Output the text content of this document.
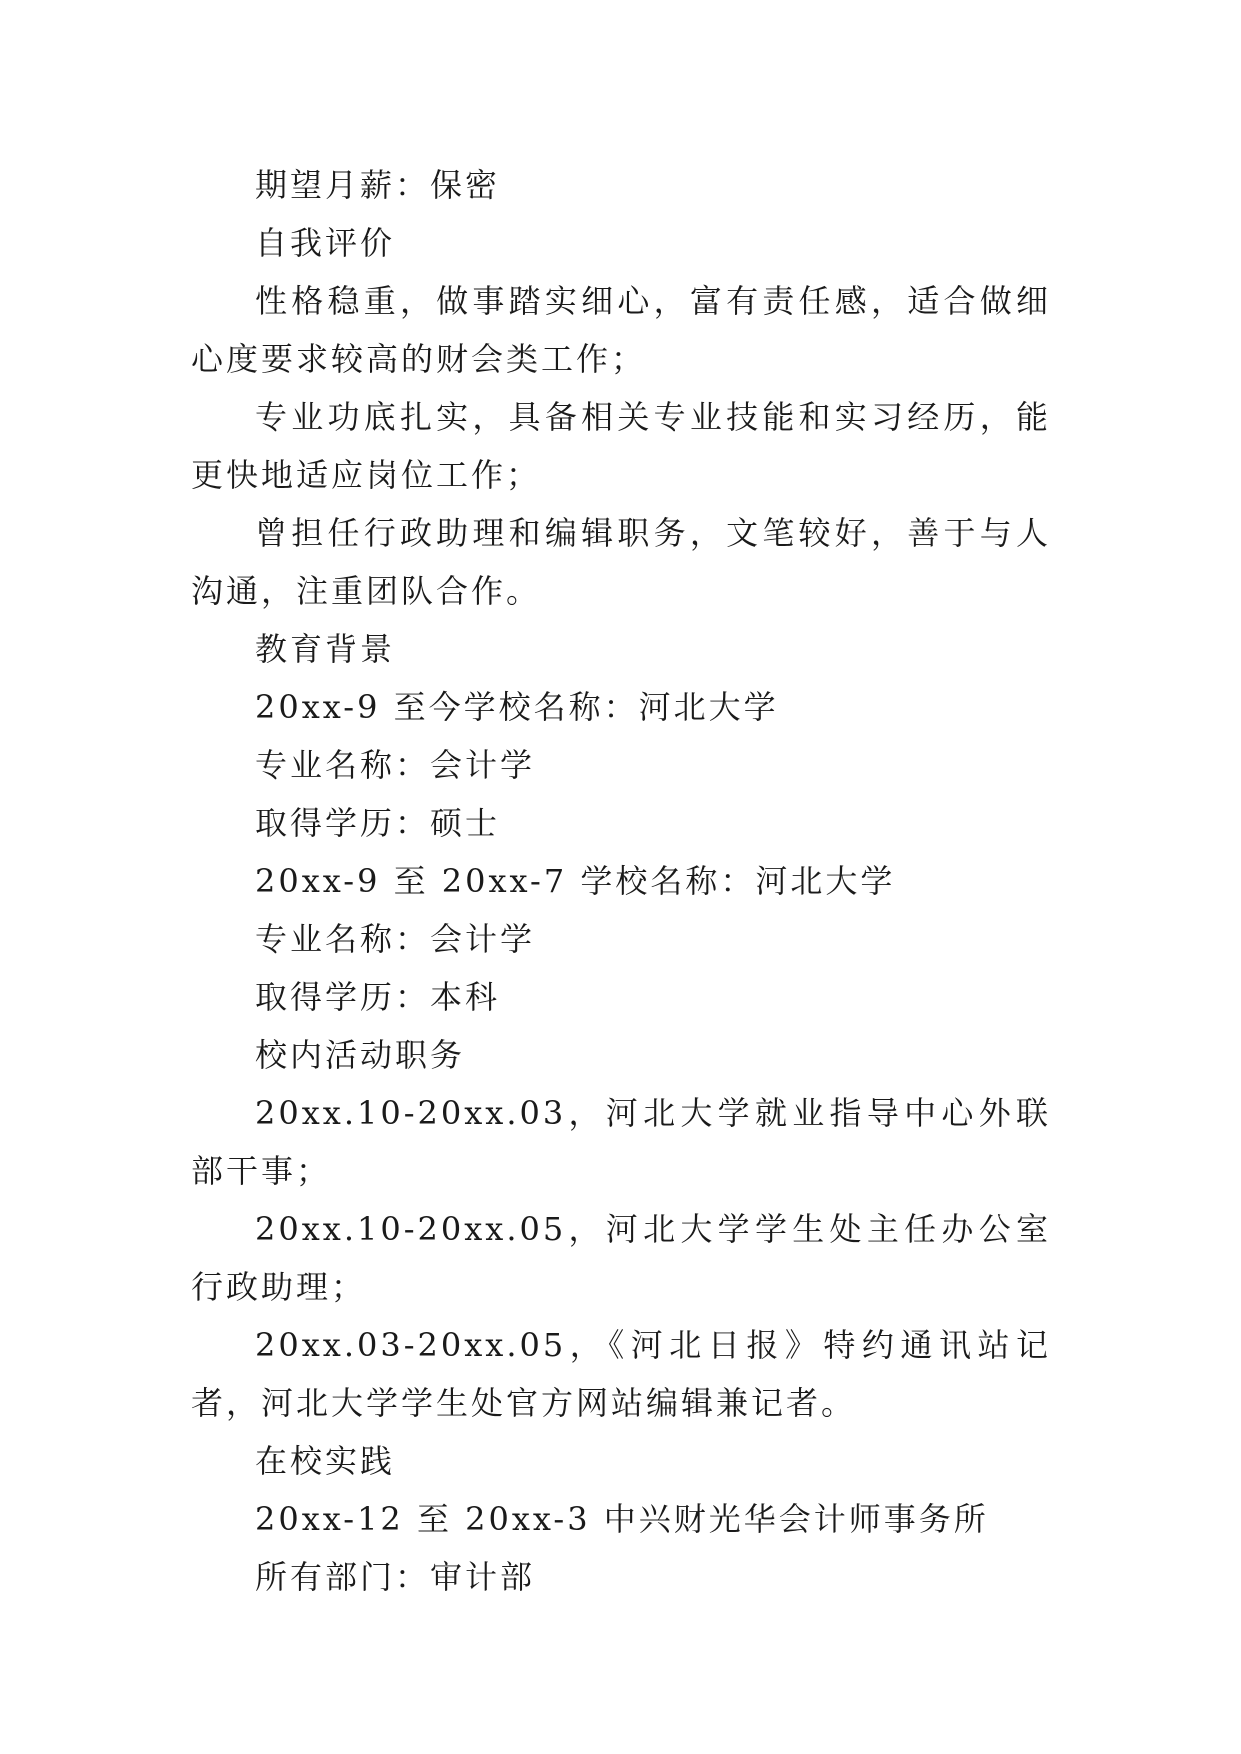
期望月薪：保密

自我评价

性格稳重，做事踏实细心，富有责任感，适合做细心度要求较高的财会类工作；

专业功底扎实，具备相关专业技能和实习经历，能更快地适应岗位工作；

曾担任行政助理和编辑职务，文笔较好，善于与人沟通，注重团队合作。

教育背景

20xx-9 至今学校名称：河北大学

专业名称：会计学

取得学历：硕士

20xx-9 至 20xx-7 学校名称：河北大学

专业名称：会计学

取得学历：本科

校内活动职务

20xx.10-20xx.03，河北大学就业指导中心外联部干事；

20xx.10-20xx.05，河北大学学生处主任办公室行政助理；

20xx.03-20xx.05，《河北日报》特约通讯站记者，河北大学学生处官方网站编辑兼记者。

在校实践

20xx-12 至 20xx-3 中兴财光华会计师事务所

所有部门：审计部
